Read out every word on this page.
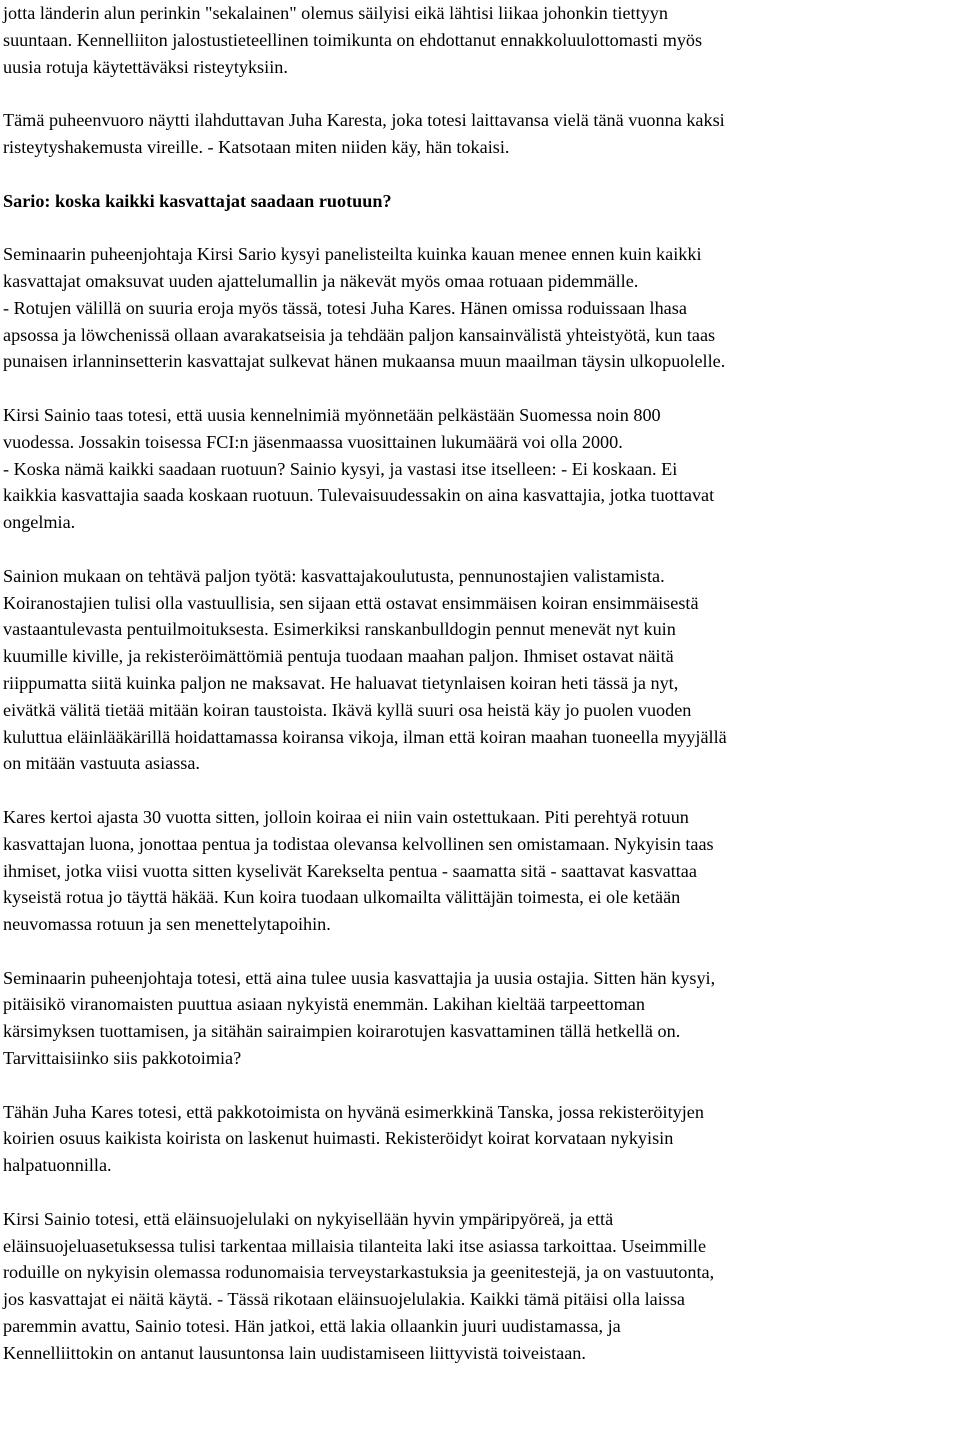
jotta länderin alun perinkin "sekalainen" olemus säilyisi eikä lähtisi liikaa johonkin tiettyyn
suuntaan. Kennelliiton jalostustieteellinen toimikunta on ehdottanut ennakkoluulottomasti myös
uusia rotuja käytettäväksi risteytyksiin.

Tämä puheenvuoro näytti ilahduttavan Juha Karesta, joka totesi laittavansa vielä tänä vuonna kaksi
risteytyshakemusta vireille. - Katsotaan miten niiden käy, hän tokaisi.

Sario: koska kaikki kasvattajat saadaan ruotuun?

Seminaarin puheenjohtaja Kirsi Sario kysyi panelisteilta kuinka kauan menee ennen kuin kaikki
kasvattajat omaksuvat uuden ajattelumallin ja näkevät myös omaa rotuaan pidemmälle.
- Rotujen välillä on suuria eroja myös tässä, totesi Juha Kares. Hänen omissa roduissaan lhasa
apsossa ja löwchenissä ollaan avarakatseisia ja tehdään paljon kansainvälistä yhteistyötä, kun taas
punaisen irlanninsetterin kasvattajat sulkevat hänen mukaansa muun maailman täysin ulkopuolelle.

Kirsi Sainio taas totesi, että uusia kennelnimiä myönnetään pelkästään Suomessa noin 800
vuodessa. Jossakin toisessa FCI:n jäsenmaassa vuosittainen lukumäärä voi olla 2000.
- Koska nämä kaikki saadaan ruotuun? Sainio kysyi, ja vastasi itse itselleen: - Ei koskaan. Ei
kaikkia kasvattajia saada koskaan ruotuun. Tulevaisuudessakin on aina kasvattajia, jotka tuottavat
ongelmia.

Sainion mukaan on tehtävä paljon työtä: kasvattajakoulutusta, pennunostajien valistamista.
Koiranostajien tulisi olla vastuullisia, sen sijaan että ostavat ensimmäisen koiran ensimmäisestä
vastaantulevasta pentuilmoituksesta. Esimerkiksi ranskanbulldogin pennut menevät nyt kuin
kuumille kiville, ja rekisteröimättömiä pentuja tuodaan maahan paljon. Ihmiset ostavat näitä
riippumatta siitä kuinka paljon ne maksavat. He haluavat tietynlaisen koiran heti tässä ja nyt,
eivätkä välitä tietää mitään koiran taustoista. Ikävä kyllä suuri osa heistä käy jo puolen vuoden
kuluttua eläinlääkärillä hoidattamassa koiransa vikoja, ilman että koiran maahan tuoneella myyjällä
on mitään vastuuta asiassa.

Kares kertoi ajasta 30 vuotta sitten, jolloin koiraa ei niin vain ostettukaan. Piti perehtyä rotuun
kasvattajan luona, jonottaa pentua ja todistaa olevansa kelvollinen sen omistamaan. Nykyisin taas
ihmiset, jotka viisi vuotta sitten kyselivät Karekselta pentua - saamatta sitä - saattavat kasvattaa
kyseistä rotua jo täyttä häkää. Kun koira tuodaan ulkomailta välittäjän toimesta, ei ole ketään
neuvomassa rotuun ja sen menettelytapoihin.

Seminaarin puheenjohtaja totesi, että aina tulee uusia kasvattajia ja uusia ostajia. Sitten hän kysyi,
pitäisikö viranomaisten puuttua asiaan nykyistä enemmän. Lakihan kieltää tarpeettoman
kärsimyksen tuottamisen, ja sitähän sairaimpien koirarotujen kasvattaminen tällä hetkellä on.
Tarvittaisiinko siis pakkotoimia?

Tähän Juha Kares totesi, että pakkotoimista on hyvänä esimerkkinä Tanska, jossa rekisteröityjen
koirien osuus kaikista koirista on laskenut huimasti. Rekisteröidyt koirat korvataan nykyisin
halpatuonnilla.

Kirsi Sainio totesi, että eläinsuojelulaki on nykyisellään hyvin ympäripyöreä, ja että
eläinsuojeluasetuksessa tulisi tarkentaa millaisia tilanteita laki itse asiassa tarkoittaa. Useimmille
roduille on nykyisin olemassa rodunomaisia terveystarkastuksia ja geenitestejä, ja on vastuutonta,
jos kasvattajat ei näitä käytä. - Tässä rikotaan eläinsuojelulakia. Kaikki tämä pitäisi olla laissa
paremmin avattu, Sainio totesi. Hän jatkoi, että lakia ollaankin juuri uudistamassa, ja
Kennelliittokin on antanut lausuntonsa lain uudistamiseen liittyvistä toiveistaan.
